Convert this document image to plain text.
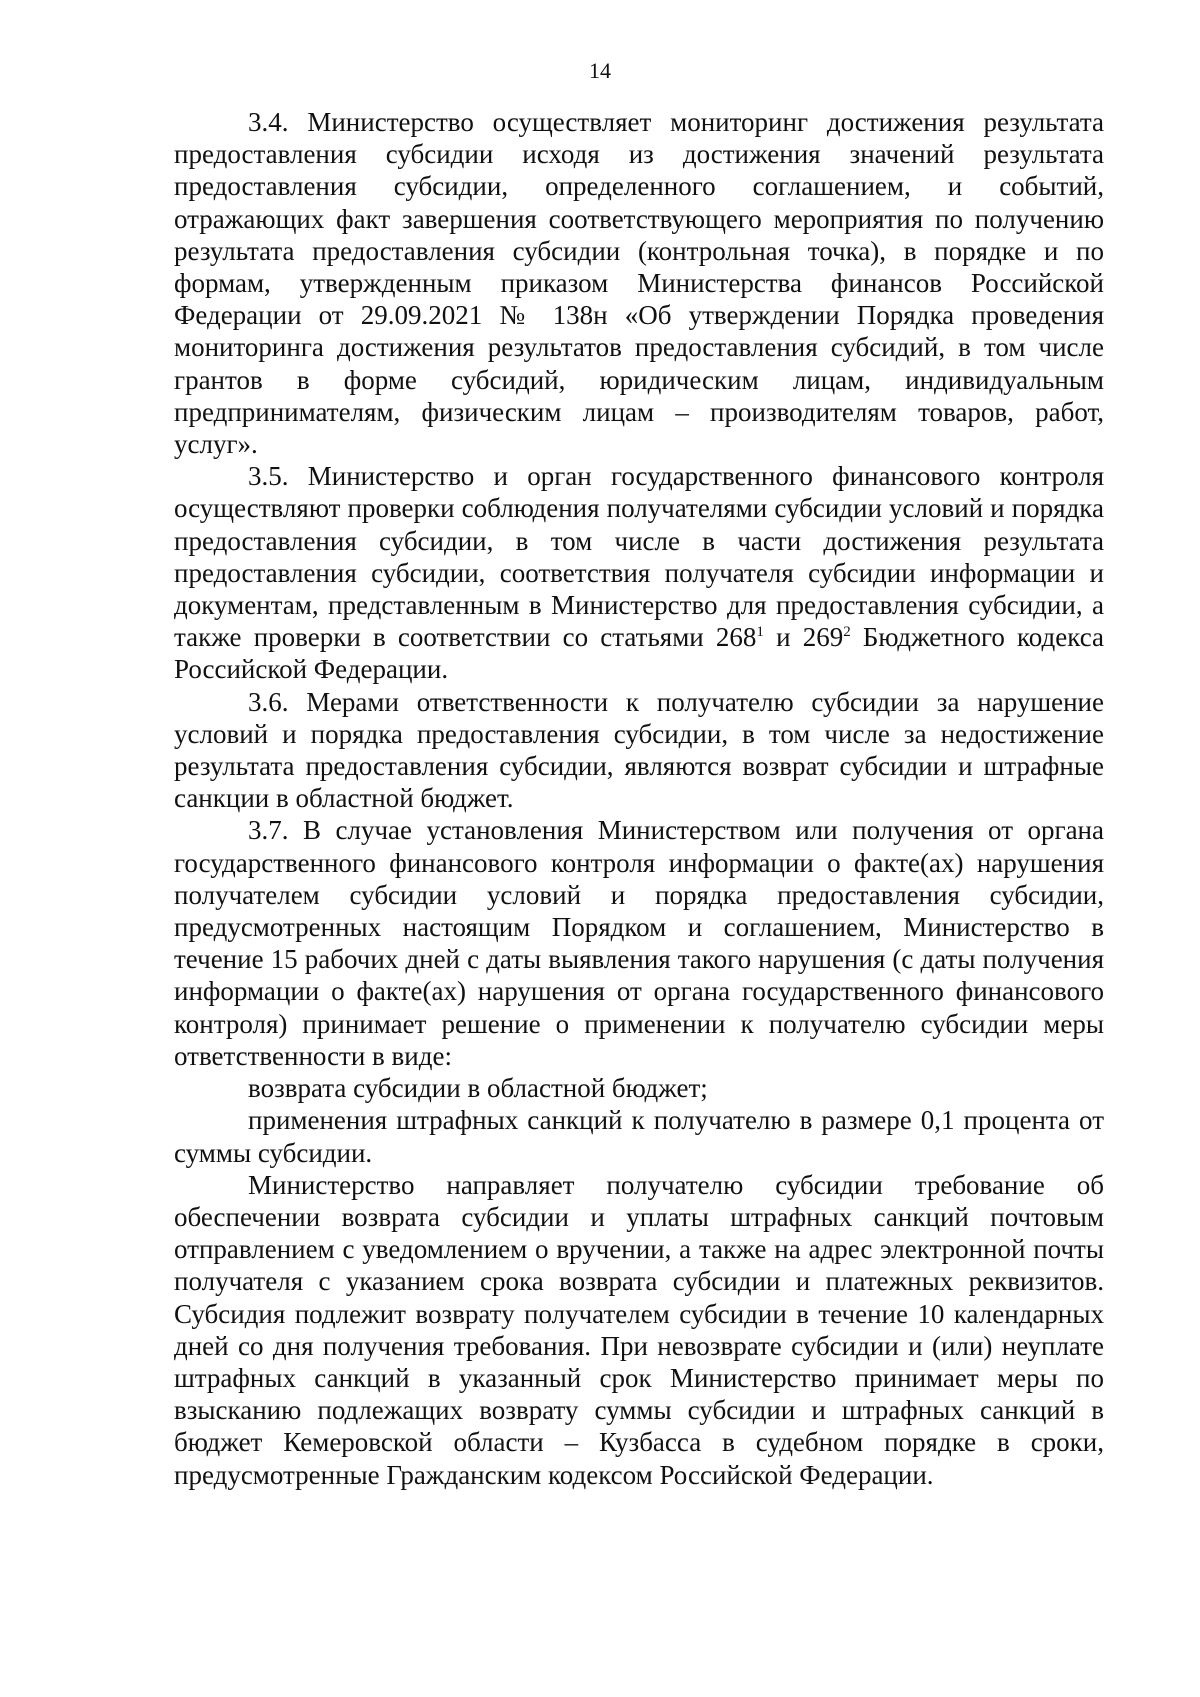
14

3.4. Министерство осуществляет мониторинг достижения результата предоставления субсидии исходя из достижения значений результата предоставления субсидии, определенного соглашением, и событий, отражающих факт завершения соответствующего мероприятия по получению результата предоставления субсидии (контрольная точка), в порядке и по формам, утвержденным приказом Министерства финансов Российской Федерации от 29.09.2021 № 138н «Об утверждении Порядка проведения мониторинга достижения результатов предоставления субсидий, в том числе грантов в форме субсидий, юридическим лицам, индивидуальным предпринимателям, физическим лицам – производителям товаров, работ, услуг».

3.5. Министерство и орган государственного финансового контроля осуществляют проверки соблюдения получателями субсидии условий и порядка предоставления субсидии, в том числе в части достижения результата предоставления субсидии, соответствия получателя субсидии информации и документам, представленным в Министерство для предоставления субсидии, а также проверки в соответствии со статьями $268^1$ и $269^2$ Бюджетного кодекса Российской Федерации.

3.6. Мерами ответственности к получателю субсидии за нарушение условий и порядка предоставления субсидии, в том числе за недостижение результата предоставления субсидии, являются возврат субсидии и штрафные санкции в областной бюджет.

3.7. В случае установления Министерством или получения от органа государственного финансового контроля информации о факте(ах) нарушения получателем субсидии условий и порядка предоставления субсидии, предусмотренных настоящим Порядком и соглашением, Министерство в течение 15 рабочих дней с даты выявления такого нарушения (с даты получения информации о факте(ах) нарушения от органа государственного финансового контроля) принимает решение о применении к получателю субсидии меры ответственности в виде:

возврата субсидии в областной бюджет;

применения штрафных санкций к получателю в размере 0,1 процента от суммы субсидии.

Министерство направляет получателю субсидии требование об обеспечении возврата субсидии и уплаты штрафных санкций почтовым отправлением с уведомлением о вручении, а также на адрес электронной почты получателя с указанием срока возврата субсидии и платежных реквизитов. Субсидия подлежит возврату получателем субсидии в течение 10 календарных дней со дня получения требования. При невозврате субсидии и (или) неуплате штрафных санкций в указанный срок Министерство принимает меры по взысканию подлежащих возврату суммы субсидии и штрафных санкций в бюджет Кемеровской области – Кузбасса в судебном порядке в сроки, предусмотренные Гражданским кодексом Российской Федерации.
